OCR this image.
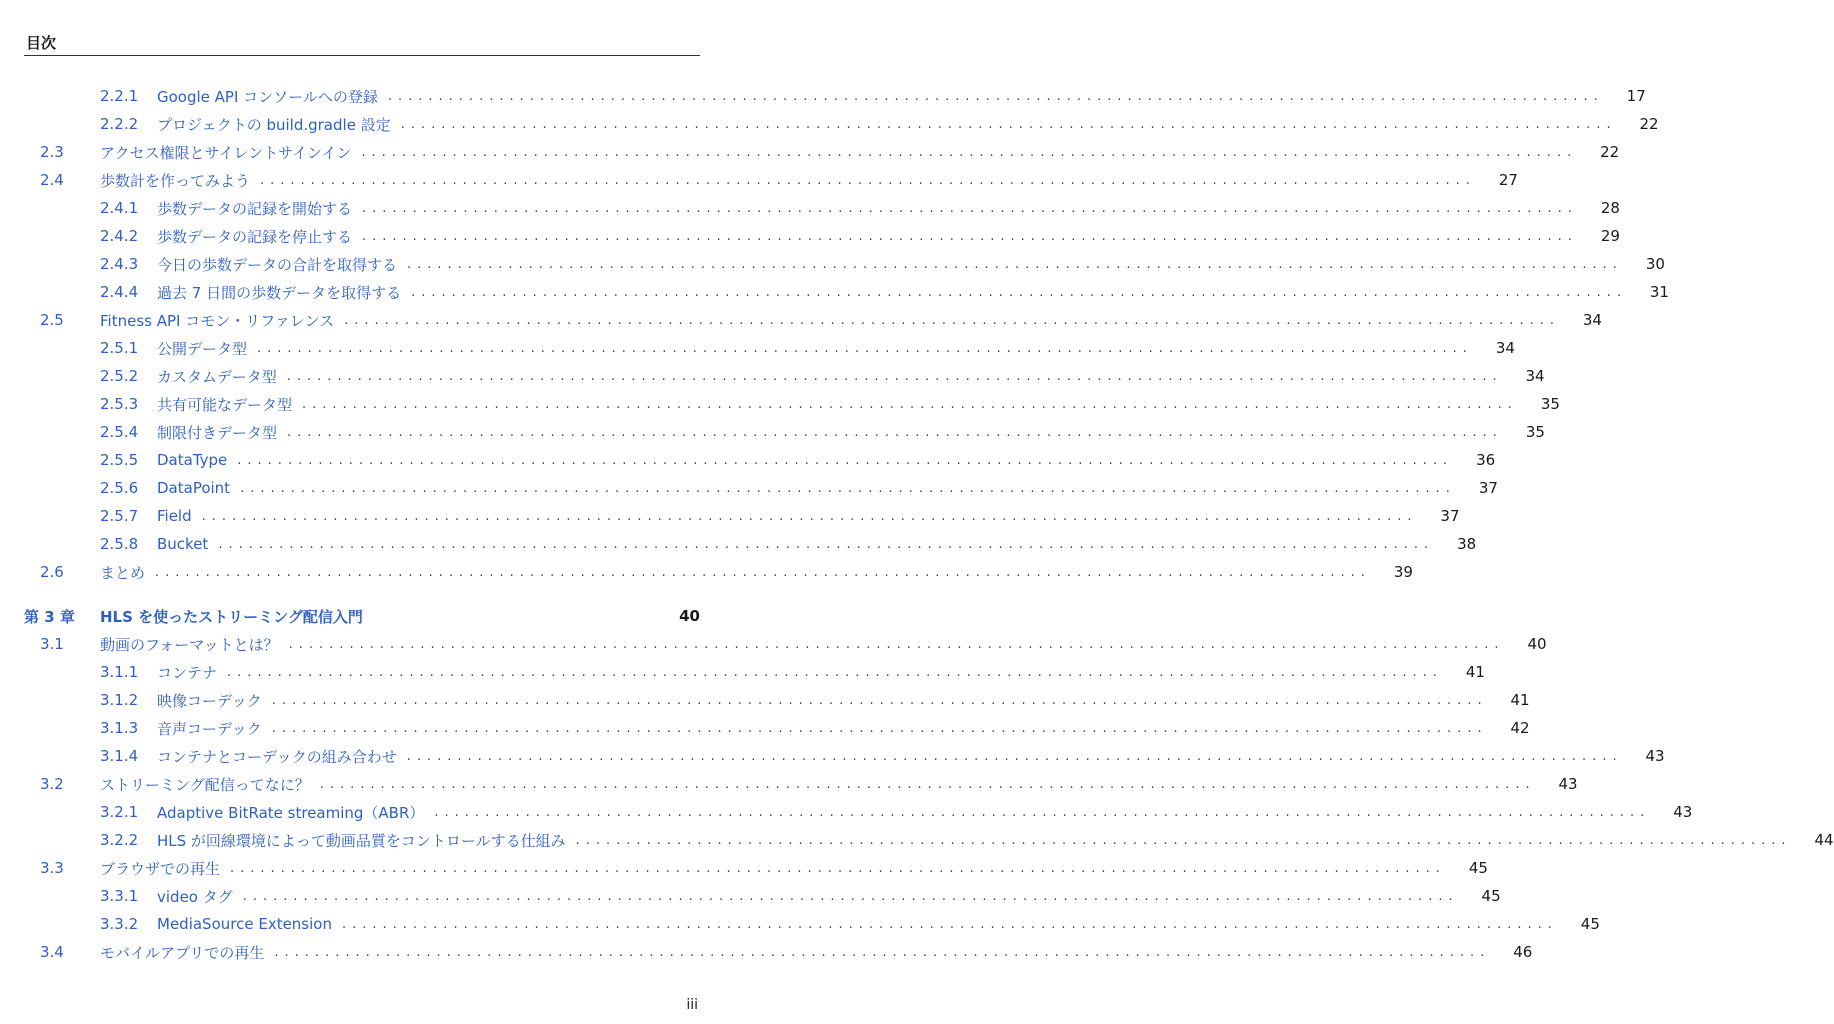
目次
2.2.1 Google API コンソールへの登録 ........................................................................................................................	17
2.2.2 プロジェクトの build.gradle 設定 ........................................................................................................................	22
2.3 アクセス権限とサイレントサインイン ........................................................................................................................	22
2.4 歩数計を作ってみよう ........................................................................................................................	27
2.4.1 歩数データの記録を開始する ........................................................................................................................	28
2.4.2 歩数データの記録を停止する ........................................................................................................................	29
2.4.3 今日の歩数データの合計を取得する ........................................................................................................................	30
2.4.4 過去 7 日間の歩数データを取得する ........................................................................................................................	31
2.5 Fitness API コモン・リファレンス ........................................................................................................................	34
2.5.1 公開データ型 ........................................................................................................................	34
2.5.2 カスタムデータ型 ........................................................................................................................	34
2.5.3 共有可能なデータ型 ........................................................................................................................	35
2.5.4 制限付きデータ型 ........................................................................................................................	35
2.5.5 DataType ........................................................................................................................	36
2.5.6 DataPoint ........................................................................................................................	37
2.5.7 Field ........................................................................................................................	37
2.5.8 Bucket ........................................................................................................................	38
2.6 まとめ ........................................................................................................................	39
第 3 章 HLS を使ったストリーミング配信入門	40
3.1 動画のフォーマットとは？ ........................................................................................................................	40
3.1.1 コンテナ ........................................................................................................................	41
3.1.2 映像コーデック ........................................................................................................................	41
3.1.3 音声コーデック ........................................................................................................................	42
3.1.4 コンテナとコーデックの組み合わせ ........................................................................................................................	43
3.2 ストリーミング配信ってなに？ ........................................................................................................................	43
3.2.1 Adaptive BitRate streaming（ABR） ........................................................................................................................	43
3.2.2 HLS が回線環境によって動画品質をコントロールする仕組み ........................................................................................................................	44
3.3 ブラウザでの再生 ........................................................................................................................	45
3.3.1 video タグ ........................................................................................................................	45
3.3.2 MediaSource Extension ........................................................................................................................	45
3.4 モバイルアプリでの再生 ........................................................................................................................	46
iii
